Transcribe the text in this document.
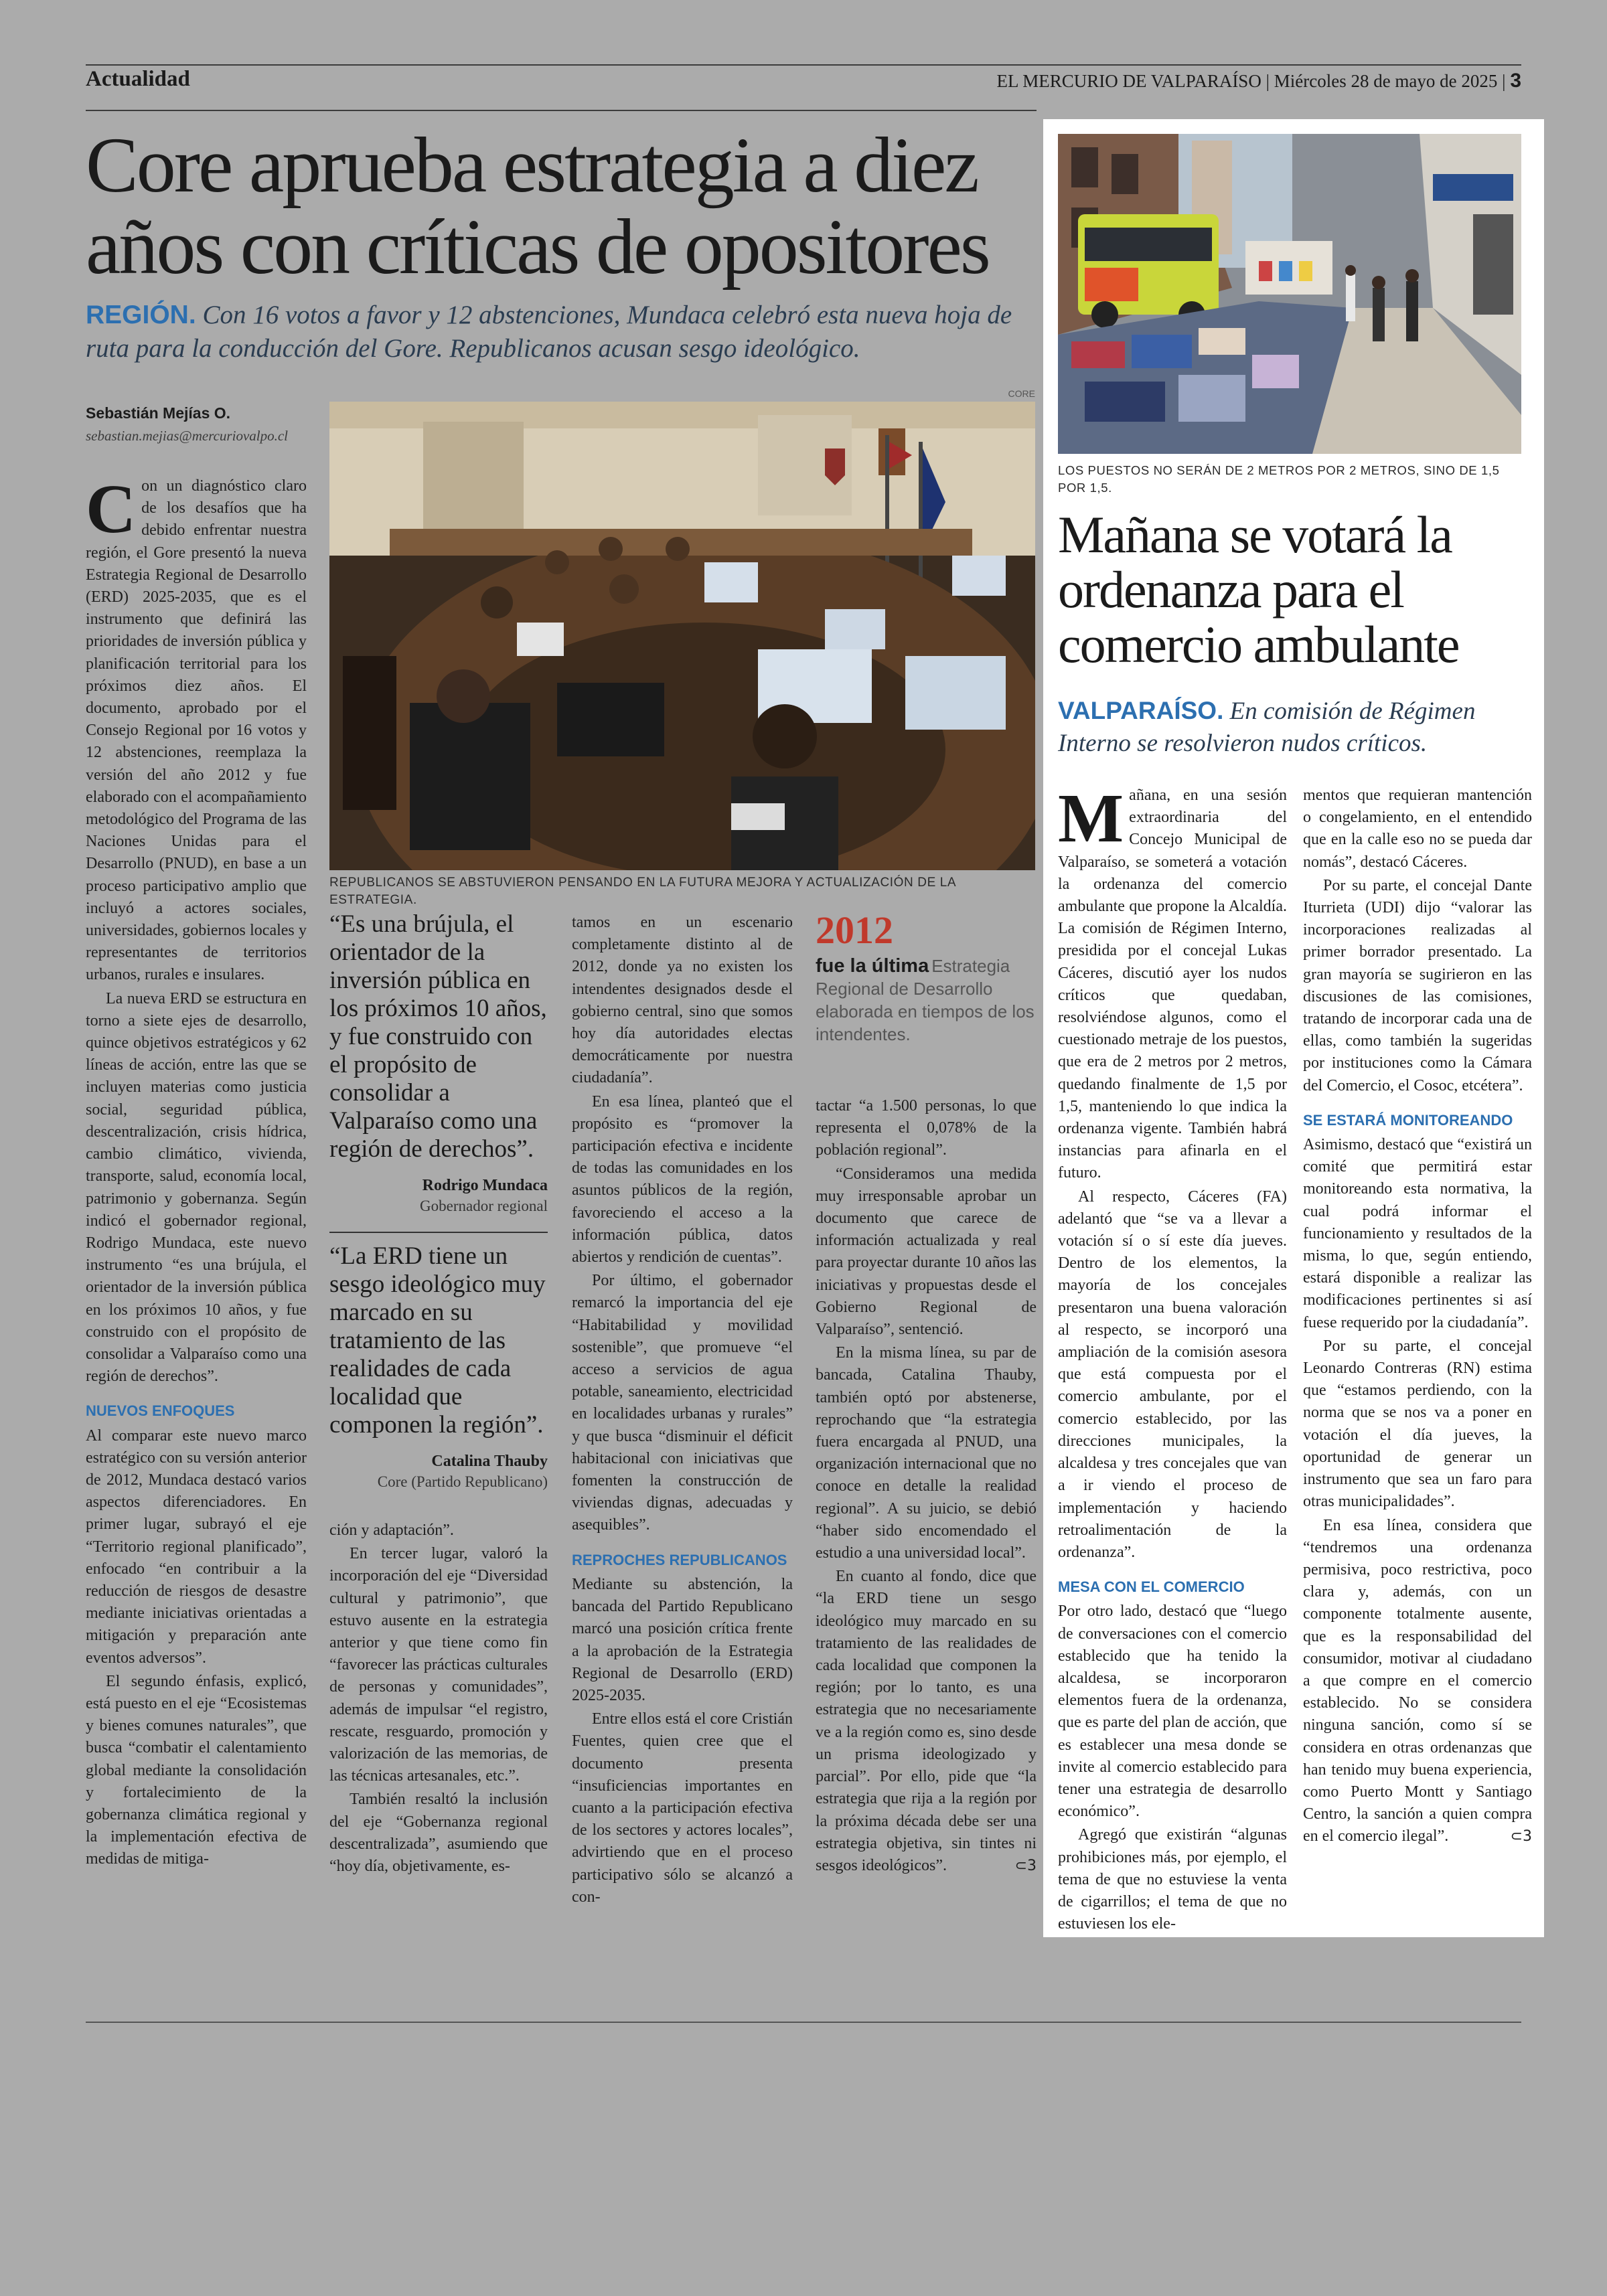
Actualidad	EL MERCURIO DE VALPARAÍSO | Miércoles 28 de mayo de 2025 | 3
Core aprueba estrategia a diez años con críticas de opositores
REGIÓN. Con 16 votos a favor y 12 abstenciones, Mundaca celebró esta nueva hoja de ruta para la conducción del Gore. Republicanos acusan sesgo ideológico.

Sebastián Mejías O.

sebastian.mejias@mercuriovalpo.cl

CORE
REPUBLICANOS SE ABSTUVIERON PENSANDO EN LA FUTURA MEJORA Y ACTUALIZACIÓN DE LA ESTRATEGIA.

Con un diagnóstico claro de los desafíos que ha debido enfrentar nuestra región, el Gore presentó la nueva Estrategia Regional de Desarrollo (ERD) 2025-2035, que es el instrumento que definirá las prioridades de inversión pública y planificación territorial para los próximos diez años. El documento, aprobado por el Consejo Regional por 16 votos y 12 abstenciones, reemplaza la versión del año 2012 y fue elaborado con el acompañamiento metodológico del Programa de las Naciones Unidas para el Desarrollo (PNUD), en base a un proceso participativo amplio que incluyó a actores sociales, universidades, gobiernos locales y representantes de territorios urbanos, rurales e insulares.

La nueva ERD se estructura en torno a siete ejes de desarrollo, quince objetivos estratégicos y 62 líneas de acción, entre las que se incluyen materias como justicia social, seguridad pública, descentralización, crisis hídrica, cambio climático, vivienda, transporte, salud, economía local, patrimonio y gobernanza. Según indicó el gobernador regional, Rodrigo Mundaca, este nuevo instrumento “es una brújula, el orientador de la inversión pública en los próximos 10 años, y fue construido con el propósito de consolidar a Valparaíso como una región de derechos”.

NUEVOS ENFOQUES

Al comparar este nuevo marco estratégico con su versión anterior de 2012, Mundaca destacó varios aspectos diferenciadores. En primer lugar, subrayó el eje “Territorio regional planificado”, enfocado “en contribuir a la reducción de riesgos de desastre mediante iniciativas orientadas a mitigación y preparación ante eventos adversos”.

El segundo énfasis, explicó, está puesto en el eje “Ecosistemas y bienes comunes naturales”, que busca “combatir el calentamiento global mediante la consolidación y fortalecimiento de la gobernanza climática regional y la implementación efectiva de medidas de mitiga-

“Es una brújula, el orientador de la inversión pública en los próximos 10 años, y fue construido con el propósito de consolidar a Valparaíso como una región de derechos”.

Rodrigo Mundaca

Gobernador regional

“La ERD tiene un sesgo ideológico muy marcado en su tratamiento de las realidades de cada localidad que componen la región”.

Catalina Thauby

Core (Partido Republicano)

ción y adaptación”.

En tercer lugar, valoró la incorporación del eje “Diversidad cultural y patrimonio”, que estuvo ausente en la estrategia anterior y que tiene como fin “favorecer las prácticas culturales de personas y comunidades”, además de impulsar “el registro, rescate, resguardo, promoción y valorización de las memorias, de las técnicas artesanales, etc.”.

También resaltó la inclusión del eje “Gobernanza regional descentralizada”, asumiendo que “hoy día, objetivamente, es-

tamos en un escenario completamente distinto al de 2012, donde ya no existen los intendentes designados desde el gobierno central, sino que somos hoy día autoridades electas democráticamente por nuestra ciudadanía”.

En esa línea, planteó que el propósito es “promover la participación efectiva e incidente de todas las comunidades en los asuntos públicos de la región, favoreciendo el acceso a la información pública, datos abiertos y rendición de cuentas”.

Por último, el gobernador remarcó la importancia del eje “Habitabilidad y movilidad sostenible”, que promueve “el acceso a servicios de agua potable, saneamiento, electricidad en localidades urbanas y rurales” y que busca “disminuir el déficit habitacional con iniciativas que fomenten la construcción de viviendas dignas, adecuadas y asequibles”.

REPROCHES REPUBLICANOS

Mediante su abstención, la bancada del Partido Republicano marcó una posición crítica frente a la aprobación de la Estrategia Regional de Desarrollo (ERD) 2025-2035.

Entre ellos está el core Cristián Fuentes, quien cree que el documento presenta “insuficiencias importantes en cuanto a la participación efectiva de los sectores y actores locales”, advirtiendo que en el proceso participativo sólo se alcanzó a con-

2012
fue la última Estrategia Regional de Desarrollo elaborada en tiempos de los intendentes.

tactar “a 1.500 personas, lo que representa el 0,078% de la población regional”.

“Consideramos una medida muy irresponsable aprobar un documento que carece de información actualizada y real para proyectar durante 10 años las iniciativas y propuestas desde el Gobierno Regional de Valparaíso”, sentenció.

En la misma línea, su par de bancada, Catalina Thauby, también optó por abstenerse, reprochando que “la estrategia fuera encargada al PNUD, una organización internacional que no conoce en detalle la realidad regional”. A su juicio, se debió “haber sido encomendado el estudio a una universidad local”.

En cuanto al fondo, dice que “la ERD tiene un sesgo ideológico muy marcado en su tratamiento de las realidades de cada localidad que componen la región; por lo tanto, es una estrategia que no necesariamente ve a la región como es, sino desde un prisma ideologizado y parcial”. Por ello, pide que “la estrategia que rija a la región por la próxima década debe ser una estrategia objetiva, sin tintes ni sesgos ideológicos”.	⊂3

LOS PUESTOS NO SERÁN DE 2 METROS POR 2 METROS, SINO DE 1,5 POR 1,5.
Mañana se votará la ordenanza para el comercio ambulante
VALPARAÍSO. En comisión de Régimen Interno se resolvieron nudos críticos.

Mañana, en una sesión extraordinaria del Concejo Municipal de Valparaíso, se someterá a votación la ordenanza del comercio ambulante que propone la Alcaldía. La comisión de Régimen Interno, presidida por el concejal Lukas Cáceres, discutió ayer los nudos críticos que quedaban, resolviéndose algunos, como el cuestionado metraje de los puestos, que era de 2 metros por 2 metros, quedando finalmente de 1,5 por 1,5, manteniendo lo que indica la ordenanza vigente. También habrá instancias para afinarla en el futuro.

Al respecto, Cáceres (FA) adelantó que “se va a llevar a votación sí o sí este día jueves. Dentro de los elementos, la mayoría de los concejales presentaron una buena valoración al respecto, se incorporó una ampliación de la comisión asesora que está compuesta por el comercio ambulante, por el comercio establecido, por las direcciones municipales, la alcaldesa y tres concejales que van a ir viendo el proceso de implementación y haciendo retroalimentación de la ordenanza”.

MESA CON EL COMERCIO

Por otro lado, destacó que “luego de conversaciones con el comercio establecido que ha tenido la alcaldesa, se incorporaron elementos fuera de la ordenanza, que es parte del plan de acción, que es establecer una mesa donde se invite al comercio establecido para tener una estrategia de desarrollo económico”.

Agregó que existirán “algunas prohibiciones más, por ejemplo, el tema de que no estuviese la venta de cigarrillos; el tema de que no estuviesen los ele-

mentos que requieran mantención o congelamiento, en el entendido que en la calle eso no se pueda dar nomás”, destacó Cáceres.

Por su parte, el concejal Dante Iturrieta (UDI) dijo “valorar las incorporaciones realizadas al primer borrador presentado. La gran mayoría se sugirieron en las discusiones de las comisiones, tratando de incorporar cada una de ellas, como también la sugeridas por instituciones como la Cámara del Comercio, el Cosoc, etcétera”.

SE ESTARÁ MONITOREANDO

Asimismo, destacó que “existirá un comité que permitirá estar monitoreando esta normativa, la cual podrá informar el funcionamiento y resultados de la misma, lo que, según entiendo, estará disponible a realizar las modificaciones pertinentes si así fuese requerido por la ciudadanía”.

Por su parte, el concejal Leonardo Contreras (RN) estima que “estamos perdiendo, con la norma que se nos va a poner en votación el día jueves, la oportunidad de generar un instrumento que sea un faro para otras municipalidades”.

En esa línea, considera que “tendremos una ordenanza permisiva, poco restrictiva, poco clara y, además, con un componente totalmente ausente, que es la responsabilidad del consumidor, motivar al ciudadano a que compre en el comercio establecido. No se considera ninguna sanción, como sí se considera en otras ordenanzas que han tenido muy buena experiencia, como Puerto Montt y Santiago Centro, la sanción a quien compra en el comercio ilegal”.	⊂3
